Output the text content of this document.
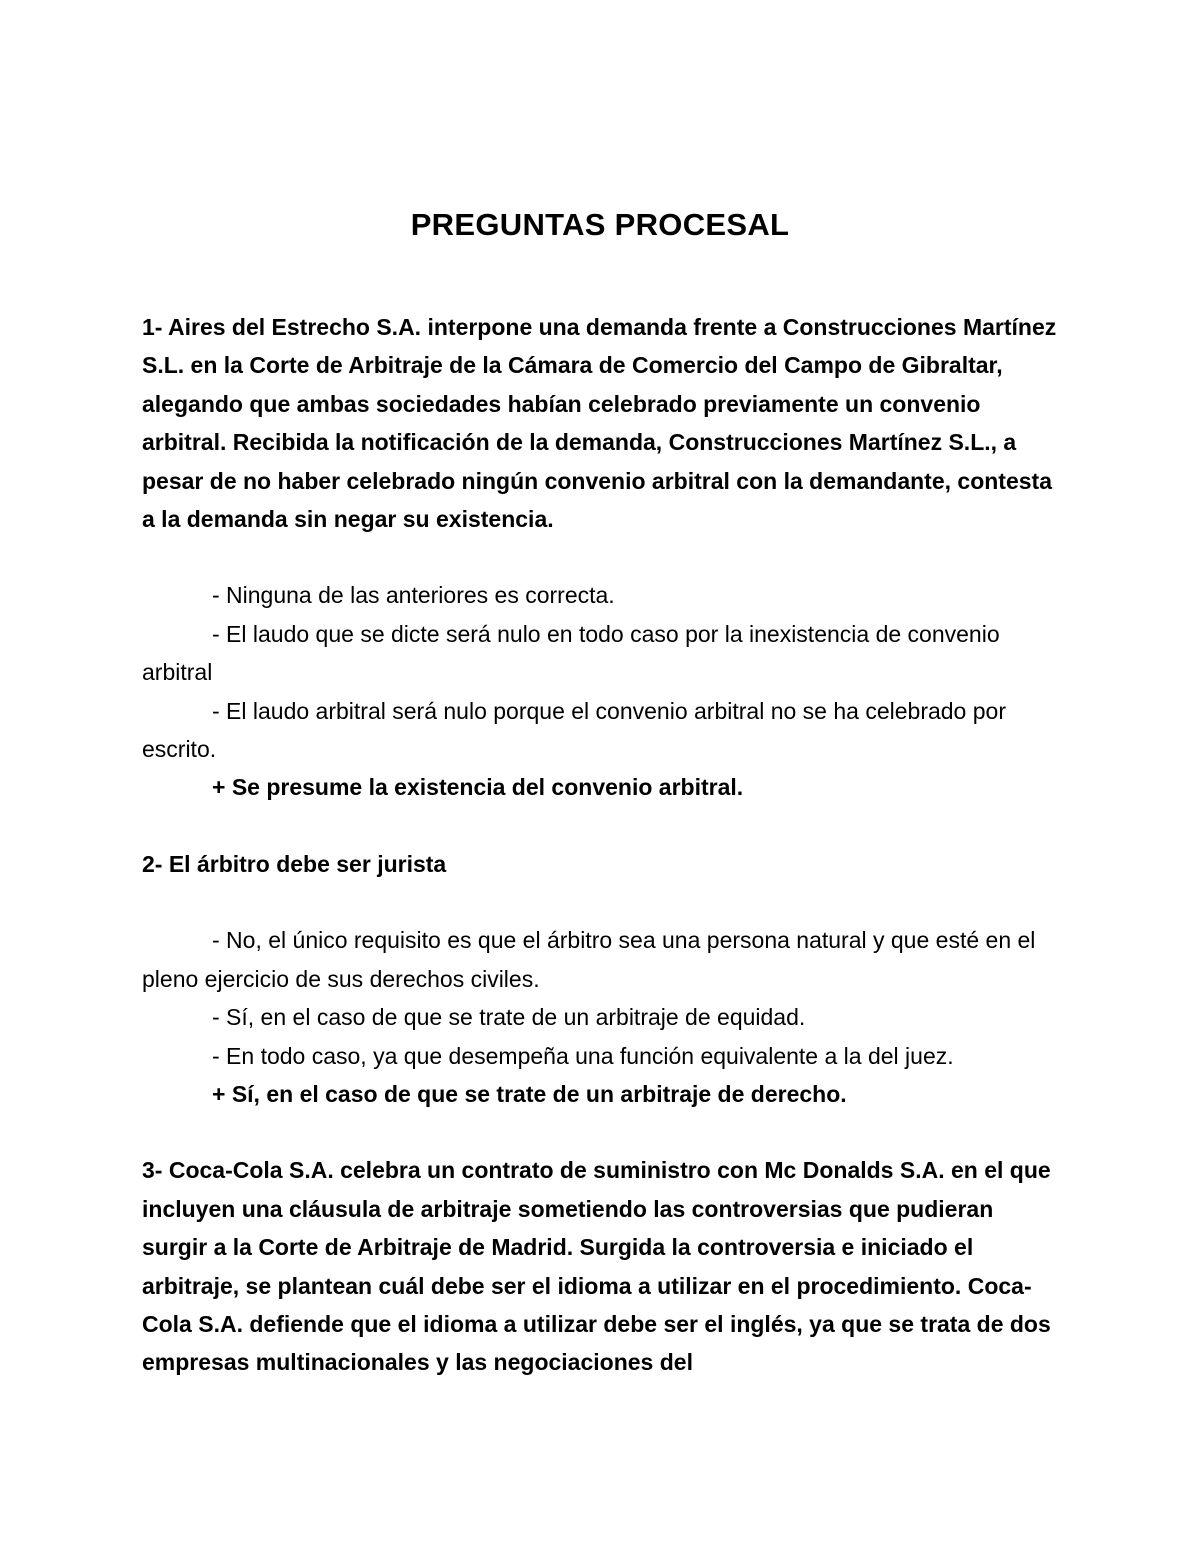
PREGUNTAS PROCESAL

1- Aires del Estrecho S.A. interpone una demanda frente a Construcciones Martínez S.L. en la Corte de Arbitraje de la Cámara de Comercio del Campo de Gibraltar, alegando que ambas sociedades habían celebrado previamente un convenio arbitral. Recibida la notificación de la demanda, Construcciones Martínez S.L., a pesar de no haber celebrado ningún convenio arbitral con la demandante, contesta a la demanda sin negar su existencia.

- Ninguna de las anteriores es correcta.

- El laudo que se dicte será nulo en todo caso por la inexistencia de convenio arbitral

- El laudo arbitral será nulo porque el convenio arbitral no se ha celebrado por escrito.

+ Se presume la existencia del convenio arbitral.

2- El árbitro debe ser jurista

- No, el único requisito es que el árbitro sea una persona natural y que esté en el pleno ejercicio de sus derechos civiles.

- Sí, en el caso de que se trate de un arbitraje de equidad.

- En todo caso, ya que desempeña una función equivalente a la del juez.

+ Sí, en el caso de que se trate de un arbitraje de derecho.

3- Coca-Cola S.A. celebra un contrato de suministro con Mc Donalds S.A. en el que incluyen una cláusula de arbitraje sometiendo las controversias que pudieran surgir a la Corte de Arbitraje de Madrid. Surgida la controversia e iniciado el arbitraje, se plantean cuál debe ser el idioma a utilizar en el procedimiento. Coca-Cola S.A. defiende que el idioma a utilizar debe ser el inglés, ya que se trata de dos empresas multinacionales y las negociaciones del
